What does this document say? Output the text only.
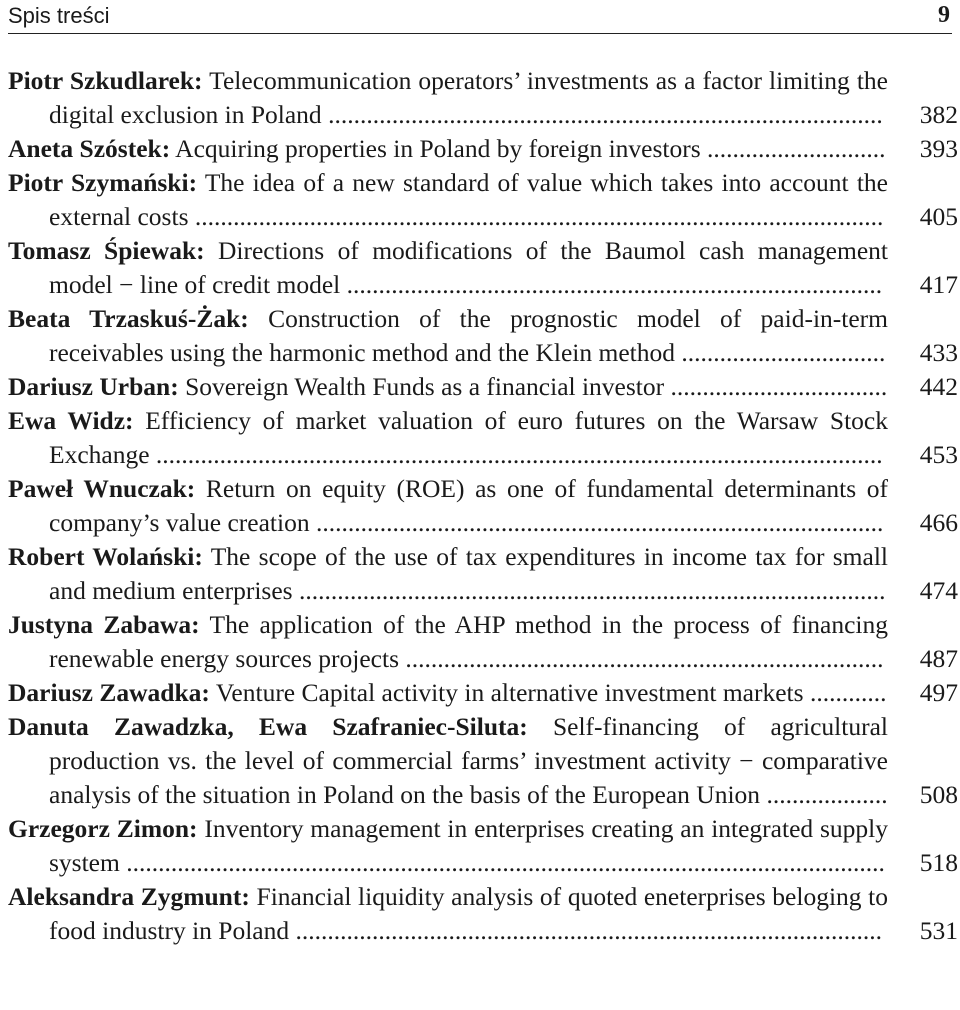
Spis treści	9
Piotr Szkudlarek: Telecommunication operators’ investments as a factor limiting the digital exclusion in Poland .......................................................................................	382
Aneta Szóstek: Acquiring properties in Poland by foreign investors ............................	393
Piotr Szymański: The idea of a new standard of value which takes into account the external costs ............................................................................................................	405
Tomasz Śpiewak: Directions of modifications of the Baumol cash management model − line of credit model ....................................................................................	417
Beata Trzaskuś-Żak: Construction of the prognostic model of paid-in-term receivables using the harmonic method and the Klein method ................................	433
Dariusz Urban: Sovereign Wealth Funds as a financial investor ..................................	442
Ewa Widz: Efficiency of market valuation of euro futures on the Warsaw Stock Exchange ..................................................................................................................	453
Paweł Wnuczak: Return on equity (ROE) as one of fundamental determinants of company’s value creation .........................................................................................	466
Robert Wolański: The scope of the use of tax expenditures in income tax for small and medium enterprises ............................................................................................	474
Justyna Zabawa: The application of the AHP method in the process of financing renewable energy sources projects ...........................................................................	487
Dariusz Zawadka: Venture Capital activity in alternative investment markets ............	497
Danuta Zawadzka, Ewa Szafraniec-Siluta: Self-financing of agricultural production vs. the level of commercial farms’ investment activity − comparative analysis of the situation in Poland on the basis of the European Union ...................	508
Grzegorz Zimon: Inventory management in enterprises creating an integrated supply system .......................................................................................................................	518
Aleksandra Zygmunt: Financial liquidity analysis of quoted eneterprises beloging to food industry in Poland ............................................................................................	531
